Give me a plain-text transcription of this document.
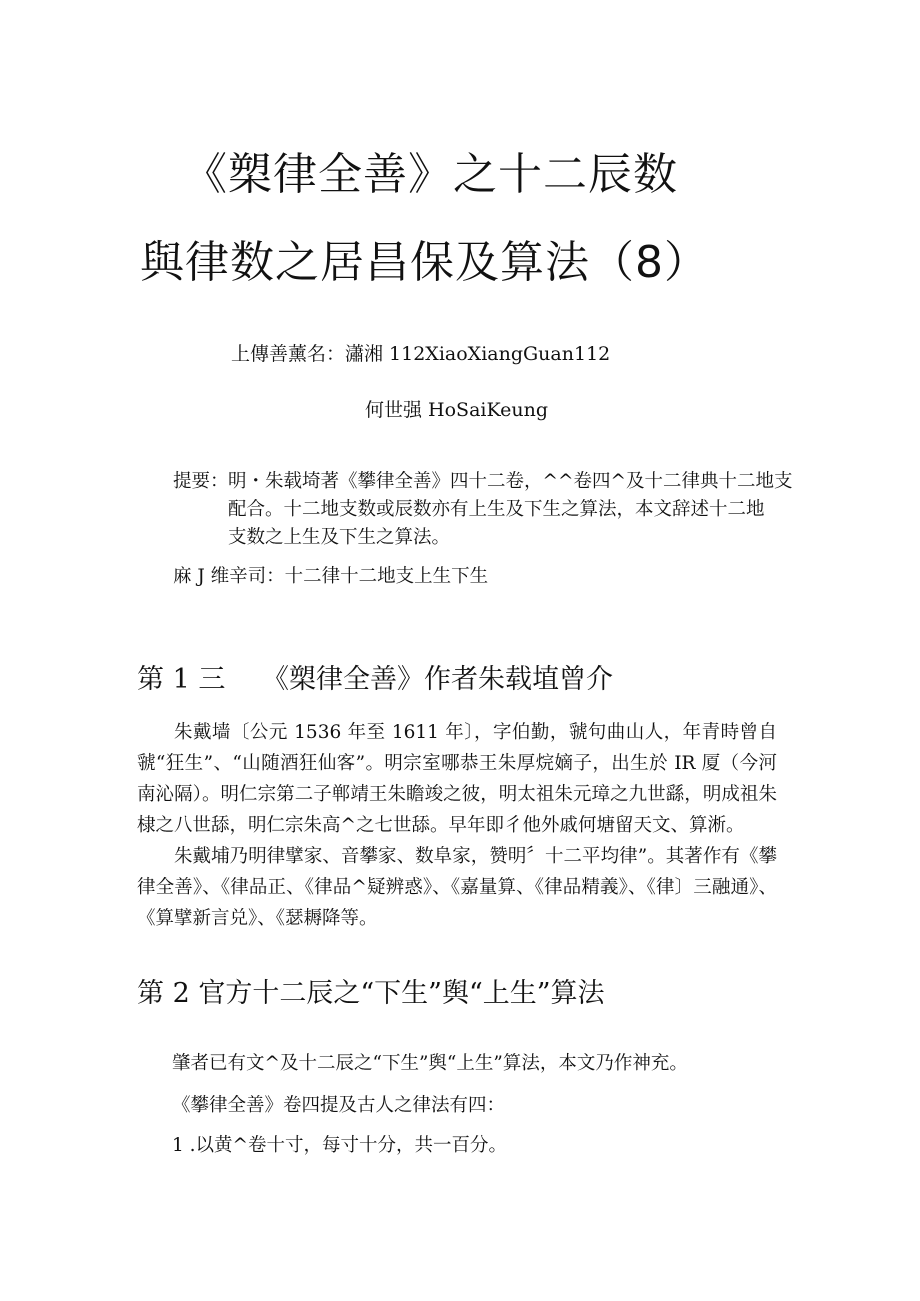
《槊律全善》之十二辰数
與律数之居昌保及算法（8）
上傳善薰名：瀟湘 112XiaoXiangGuan112
何世强 HoSaiKeung
提要： 明・朱载埼著《攀律全善》四十二卷，^^卷四^及十二律典十二地支
配合。十二地支数或辰数亦有上生及下生之算法，本文辞述十二地
支数之上生及下生之算法。
麻 J 维辛司：十二律十二地支上生下生
第 1 三 《槊律全善》作者朱载埴曾介
朱戴墙〔公元 1536 年至 1611 年〕，字伯勤，虢句曲山人，年青時曾自虢“狂生”、“山随酒狂仙客”。明宗室哪恭王朱厚烷嫡子，出生於 IR 厦（今河南沁隔）。明仁宗第二子郸靖王朱瞻竣之彼，明太祖朱元璋之九世繇，明成祖朱棣之八世舔，明仁宗朱高^之七世舔。早年即彳他外戚何塘留天文、算淅。
朱戴埔乃明律擘家、音攀家、数阜家，赞明〞十二平均律”。其著作有《攀律全善》、《律品正、《律品^疑辨惑》、《嘉量算、《律品精義》、《律〕三融通》、《算擘新言兑》、《瑟耨降等。
第 2 官方十二辰之“下生”舆“上生”算法
肇者已有文^及十二辰之“下生”舆“上生”算法，本文乃作神充。
《攀律全善》卷四提及古人之律法有四：
1 .以黄^卷十寸，每寸十分，共一百分。
